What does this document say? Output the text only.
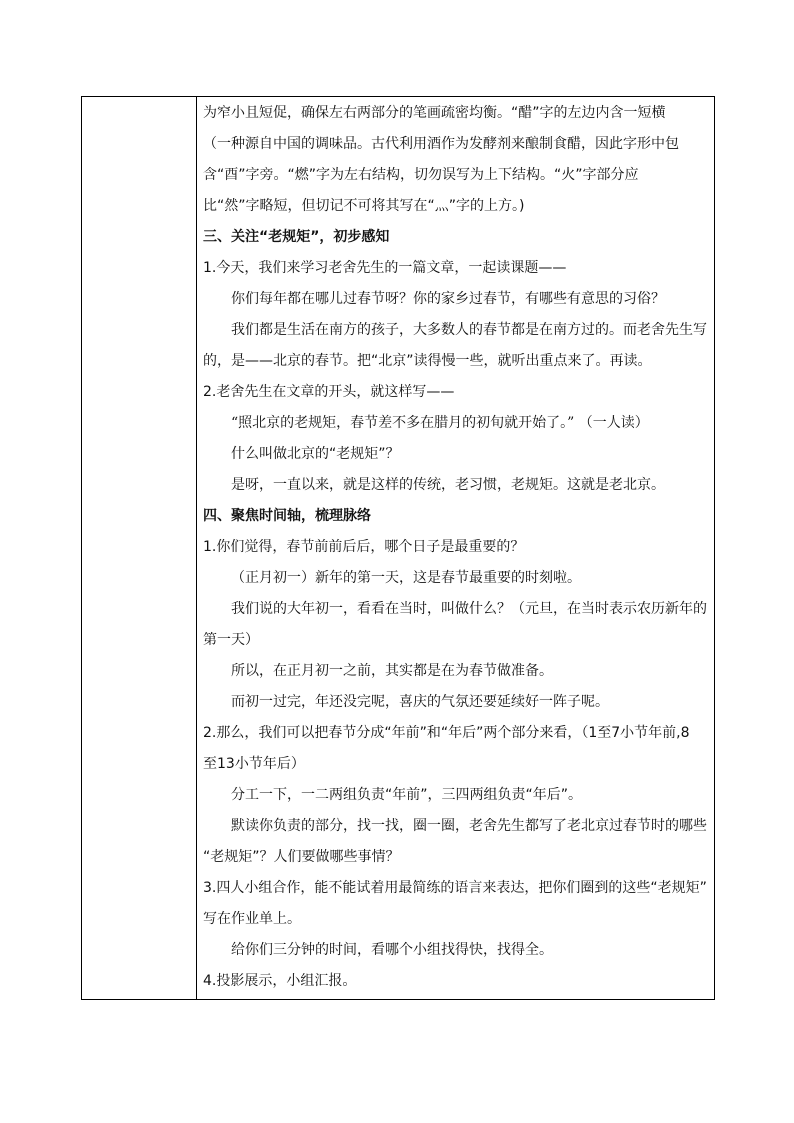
为窄小且短促，确保左右两部分的笔画疏密均衡。“醋”字的左边内含一短横
（一种源自中国的调味品。古代利用酒作为发酵剂来酿制食醋，因此字形中包
含“酉”字旁。“燃”字为左右结构，切勿误写为上下结构。“火”字部分应
比“然”字略短，但切记不可将其写在“灬”字的上方。)
三、关注“老规矩”，初步感知
1.今天，我们来学习老舍先生的一篇文章，一起读课题——
你们每年都在哪儿过春节呀？你的家乡过春节，有哪些有意思的习俗？
我们都是生活在南方的孩子，大多数人的春节都是在南方过的。而老舍先生写
的，是——北京的春节。把“北京”读得慢一些，就听出重点来了。再读。
2.老舍先生在文章的开头，就这样写——
“照北京的老规矩，春节差不多在腊月的初旬就开始了。” （一人读）
什么叫做北京的“老规矩”？
是呀，一直以来，就是这样的传统，老习惯，老规矩。这就是老北京。
四、聚焦时间轴，梳理脉络
1.你们觉得，春节前前后后，哪个日子是最重要的？
（正月初一）新年的第一天，这是春节最重要的时刻啦。
我们说的大年初一，看看在当时，叫做什么？（元旦，在当时表示农历新年的
第一天）
所以，在正月初一之前，其实都是在为春节做准备。
而初一过完，年还没完呢，喜庆的气氛还要延续好一阵子呢。
2.那么，我们可以把春节分成“年前”和“年后”两个部分来看，（1至7小节年前,8
至13小节年后）
分工一下，一二两组负责“年前”，三四两组负责“年后”。
默读你负责的部分，找一找，圈一圈，老舍先生都写了老北京过春节时的哪些
“老规矩”？人们要做哪些事情？
3.四人小组合作，能不能试着用最简练的语言来表达，把你们圈到的这些“老规矩”
写在作业单上。
给你们三分钟的时间，看哪个小组找得快，找得全。
4.投影展示，小组汇报。
